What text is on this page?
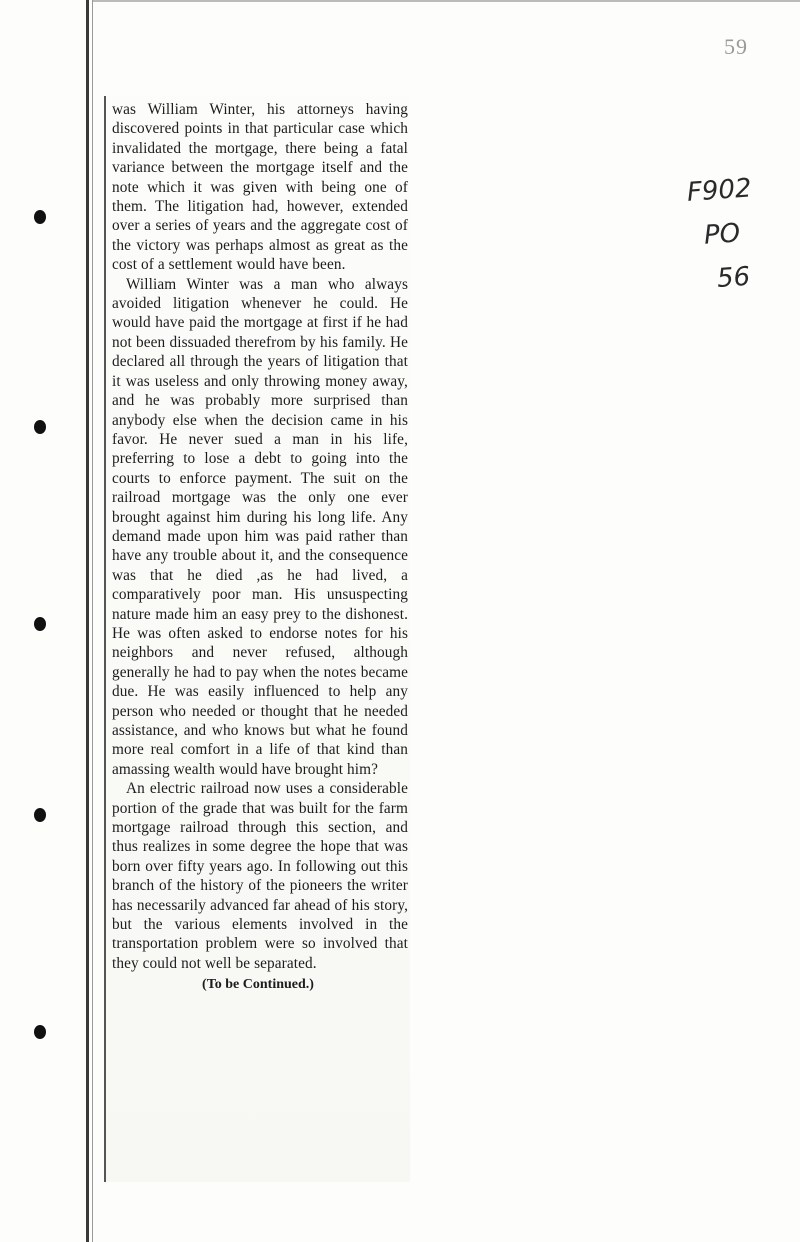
59
F902
PO
56

was William Winter, his attorneys having discovered points in that particular case which invalidated the mortgage, there being a fatal variance between the mortgage itself and the note which it was given with being one of them. The litigation had, however, extended over a series of years and the aggregate cost of the victory was perhaps almost as great as the cost of a settlement would have been.

William Winter was a man who always avoided litigation whenever he could. He would have paid the mortgage at first if he had not been dissuaded therefrom by his family. He declared all through the years of litigation that it was useless and only throwing money away, and he was probably more surprised than anybody else when the decision came in his favor. He never sued a man in his life, preferring to lose a debt to going into the courts to enforce payment. The suit on the railroad mortgage was the only one ever brought against him during his long life. Any demand made upon him was paid rather than have any trouble about it, and the consequence was that he died ,as he had lived, a comparatively poor man. His unsuspecting nature made him an easy prey to the dishonest. He was often asked to endorse notes for his neighbors and never refused, although generally he had to pay when the notes became due. He was easily influenced to help any person who needed or thought that he needed assistance, and who knows but what he found more real comfort in a life of that kind than amassing wealth would have brought him?

An electric railroad now uses a considerable portion of the grade that was built for the farm mortgage railroad through this section, and thus realizes in some degree the hope that was born over fifty years ago. In following out this branch of the history of the pioneers the writer has necessarily advanced far ahead of his story, but the various elements involved in the transportation problem were so involved that they could not well be separated.

(To be Continued.)
